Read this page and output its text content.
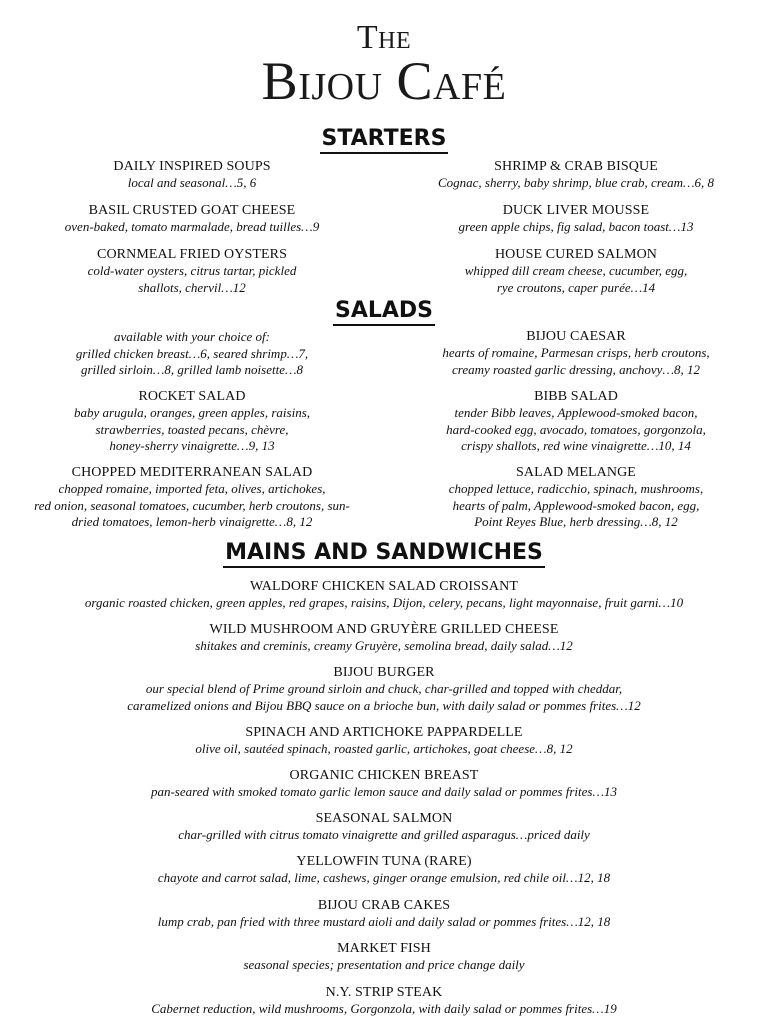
The
Bijou Café
STARTERS
DAILY INSPIRED SOUPS
local and seasonal…5, 6
BASIL CRUSTED GOAT CHEESE
oven-baked, tomato marmalade, bread tuilles…9
CORNMEAL FRIED OYSTERS
cold-water oysters, citrus tartar, pickled
shallots, chervil…12
SHRIMP & CRAB BISQUE
Cognac, sherry, baby shrimp, blue crab, cream…6, 8
DUCK LIVER MOUSSE
green apple chips, fig salad, bacon toast…13
HOUSE CURED SALMON
whipped dill cream cheese, cucumber, egg,
rye croutons, caper purée…14
SALADS
available with your choice of:
grilled chicken breast…6, seared shrimp…7,
grilled sirloin…8, grilled lamb noisette…8
ROCKET SALAD
baby arugula, oranges, green apples, raisins,
strawberries, toasted pecans, chèvre,
honey-sherry vinaigrette…9, 13
CHOPPED MEDITERRANEAN SALAD
chopped romaine, imported feta, olives, artichokes,
red onion, seasonal tomatoes, cucumber, herb croutons, sun-
dried tomatoes, lemon-herb vinaigrette…8, 12
BIJOU CAESAR
hearts of romaine, Parmesan crisps, herb croutons,
creamy roasted garlic dressing, anchovy…8, 12
BIBB SALAD
tender Bibb leaves, Applewood-smoked bacon,
hard-cooked egg, avocado, tomatoes, gorgonzola,
crispy shallots, red wine vinaigrette…10, 14
SALAD MELANGE
chopped lettuce, radicchio, spinach, mushrooms,
hearts of palm, Applewood-smoked bacon, egg,
Point Reyes Blue, herb dressing…8, 12
MAINS AND SANDWICHES
WALDORF CHICKEN SALAD CROISSANT
organic roasted chicken, green apples, red grapes, raisins, Dijon, celery, pecans, light mayonnaise, fruit garni…10
WILD MUSHROOM AND GRUYÈRE GRILLED CHEESE
shitakes and creminis, creamy Gruyère, semolina bread, daily salad…12
BIJOU BURGER
our special blend of Prime ground sirloin and chuck, char-grilled and topped with cheddar,
caramelized onions and Bijou BBQ sauce on a brioche bun, with daily salad or pommes frites…12
SPINACH AND ARTICHOKE PAPPARDELLE
olive oil, sautéed spinach, roasted garlic, artichokes, goat cheese…8, 12
ORGANIC CHICKEN BREAST
pan-seared with smoked tomato garlic lemon sauce and daily salad or pommes frites…13
SEASONAL SALMON
char-grilled with citrus tomato vinaigrette and grilled asparagus…priced daily
YELLOWFIN TUNA (RARE)
chayote and carrot salad, lime, cashews, ginger orange emulsion, red chile oil…12, 18
BIJOU CRAB CAKES
lump crab, pan fried with three mustard aioli and daily salad or pommes frites…12, 18
MARKET FISH
seasonal species; presentation and price change daily
N.Y. STRIP STEAK
Cabernet reduction, wild mushrooms, Gorgonzola, with daily salad or pommes frites…19
